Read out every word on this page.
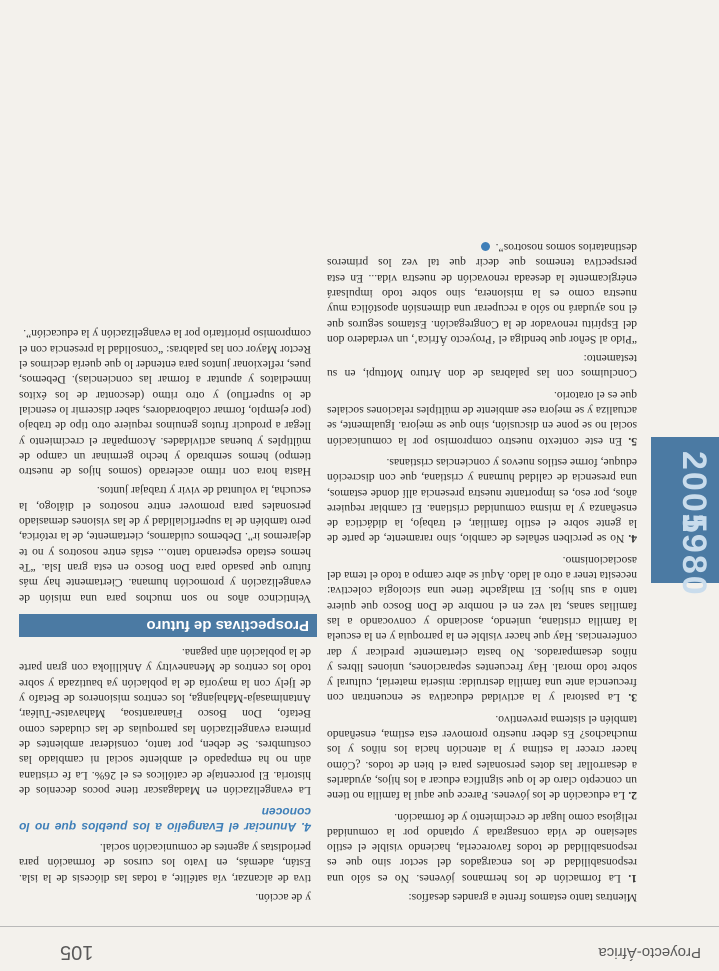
Proyecto-África
105
1980
2005

Mientras tanto estamos frente a grandes desafíos:

1. La formación de los hermanos jóvenes. No es sólo una responsabilidad de los encargados del sector sino que es responsabilidad de todos favorecerla, haciendo visible el estilo salesiano de vida consagrada y optando por la comunidad religiosa como lugar de crecimiento y de formación.

2. La educación de los jóvenes. Parece que aquí la familia no tiene un concepto claro de lo que significa educar a los hijos, ayudarles a desarrollar las dotes personales para el bien de todos. ¿Cómo hacer crecer la estima y la atención hacia los niños y los muchachos? Es deber nuestro promover esta estima, enseñando también el sistema preventivo.

3. La pastoral y la actividad educativa se encuentran con frecuencia ante una familia destruida: miseria material, cultural y sobre todo moral. Hay frecuentes separaciones, uniones libres y niños desamparados. No basta ciertamente predicar y dar conferencias. Hay que hacer visible en la parroquia y en la escuela la familia cristiana, uniendo, asociando y convocando a las familias sanas, tal vez en el nombre de Don Bosco que quiere tanto a sus hijos. El malgache tiene una sicología colectiva: necesita tener a otro al lado. Aquí se abre campo a todo el tema del asociacionismo.

4. No se perciben señales de cambio, sino raramente, de parte de la gente sobre el estilo familiar, el trabajo, la didáctica de enseñanza y la misma comunidad cristiana. El cambiar requiere años, por eso, es importante nuestra presencia allí donde estamos, una presencia de calidad humana y cristiana, que con discreción eduque, forme estilos nuevos y conciencias cristianas.

5. En este contexto nuestro compromiso por la comunicación social no se pone en discusión, sino que se mejora. Igualmente, se actualiza y se mejora ese ambiente de múltiples relaciones sociales que es el oratorio.

Concluimos con las palabras de don Arturo Mottupi, en su testamento:

“Pido al Señor que bendiga el ‘Proyecto África’, un verdadero don del Espíritu renovador de la Congregación. Estamos seguros que él nos ayudará no sólo a recuperar una dimensión apostólica muy nuestra como es la misionera, sino sobre todo impulsará enérgicamente la deseada renovación de nuestra vida... En esta perspectiva tenemos que decir que tal vez los primeros destinatarios somos nosotros”.

y de acción.

tiva de alcanzar, vía satélite, a todas las diócesis de la isla. Están, además, en Ivato los cursos de formación para periodistas y agentes de comunicación social.

4. Anunciar el Evangelio a los pueblos que no lo conocen

La evangelización en Madagascar tiene pocos decenios de historia. El porcentaje de católicos es el 26%. La fe cristiana aún no ha empapado el ambiente social ni cambiado las costumbres. Se deben, por tanto, considerar ambientes de primera evangelización las parroquias de las ciudades como Betafo, Don Bosco Fianarantsoa, Mahavatse-Tuléar, Antanimasaja-Mahajanga, los centros misioneros de Betafo y de Ijely con la mayoría de la población ya bautizada y sobre todo los centros de Menanevitry y Ankililoka con gran parte de la población aún pagana.

Prospectivas de futuro

Veinticinco años no son muchos para una misión de evangelización y promoción humana. Ciertamente hay más futuro que pasado para Don Bosco en esta gran Isla. “Te hemos estado esperando tanto... estás entre nosotros y no te dejaremos ir”. Debemos cuidarnos, ciertamente, de la retórica, pero también de la superficialidad y de las visiones demasiado personales para promover entre nosotros el diálogo, la escucha, la voluntad de vivir y trabajar juntos.

Hasta hora con ritmo acelerado (somos hijos de nuestro tiempo) hemos sembrado y hecho germinar un campo de múltiples y buenas actividades. Acompañar el crecimiento y llegar a producir frutos genuinos requiere otro tipo de trabajo (por ejemplo, formar colaboradores, saber discernir lo esencial de lo superfluo) y otro ritmo (descontar de los éxitos inmediatos y apuntar a formar las conciencias). Debemos, pues, reflexionar juntos para entender lo que quería decirnos el Rector Mayor con las palabras: “consolidad la presencia con el compromiso prioritario por la evangelización y la educación”.
